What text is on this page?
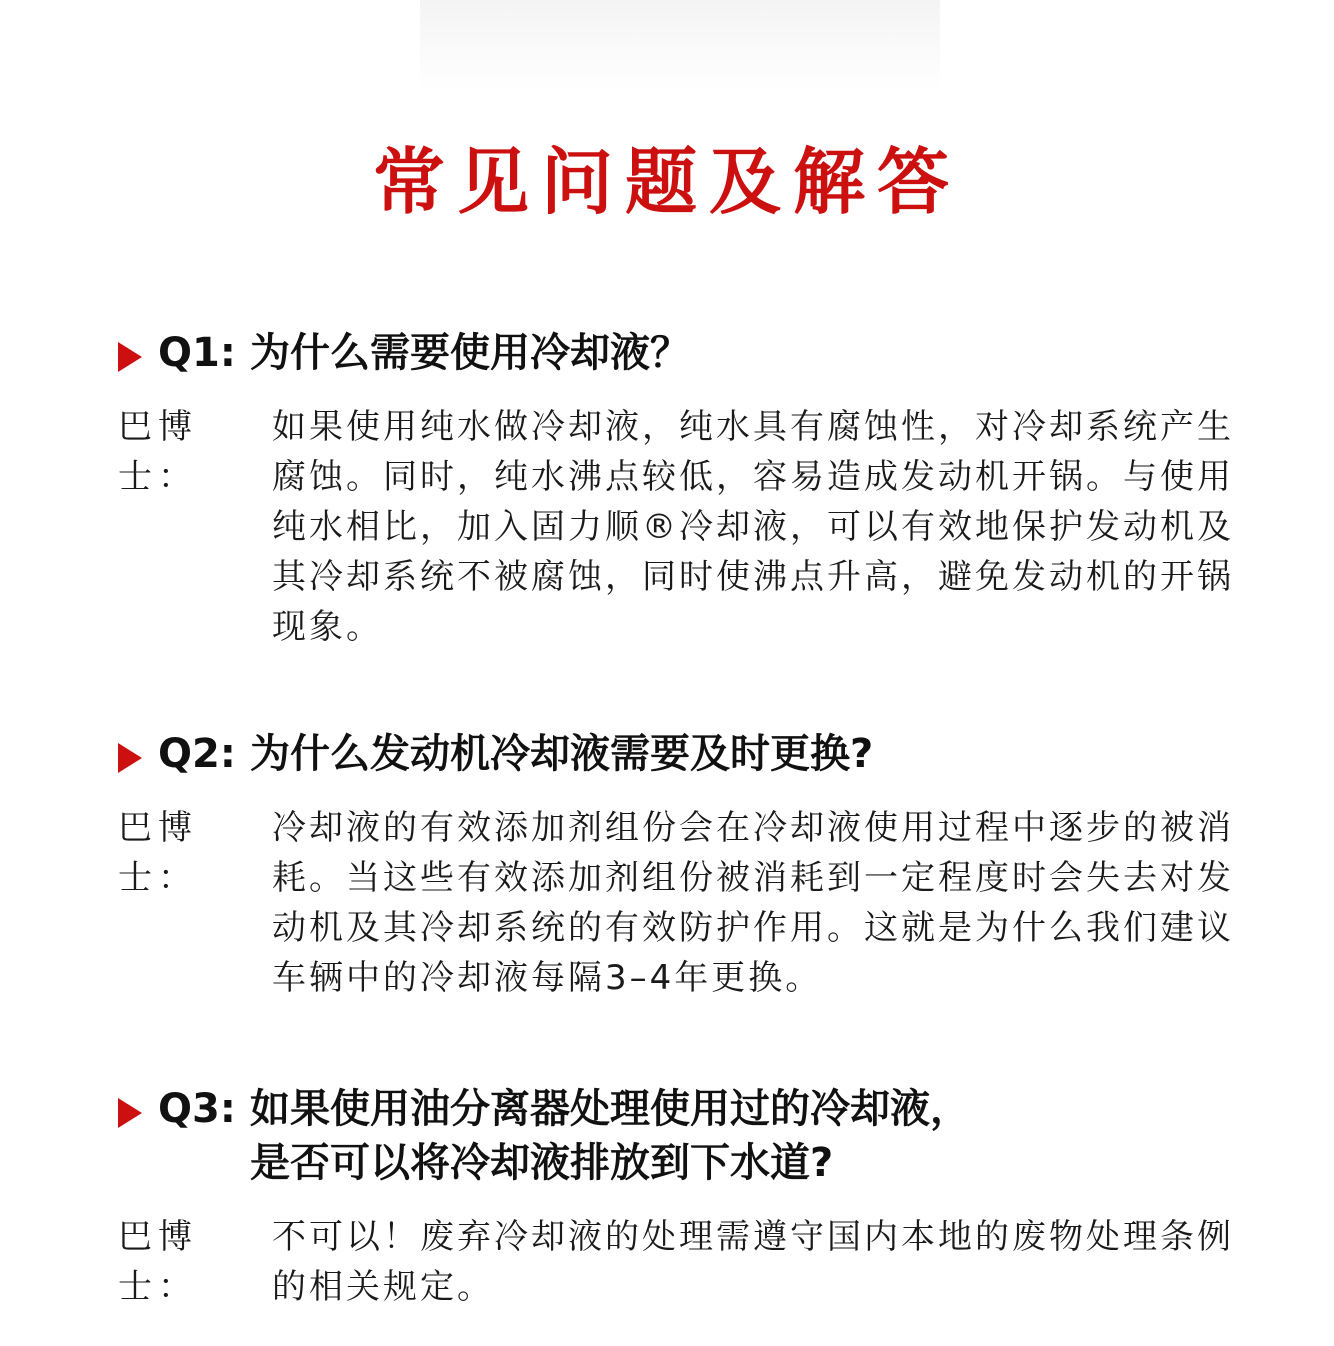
常见问题及解答
Q1: 为什么需要使用冷却液？
巴博士：
如果使用纯水做冷却液，纯水具有腐蚀性，对冷却系统产生腐蚀。同时，纯水沸点较低，容易造成发动机开锅。与使用纯水相比，加入固力顺®冷却液，可以有效地保护发动机及其冷却系统不被腐蚀，同时使沸点升高，避免发动机的开锅现象。
Q2: 为什么发动机冷却液需要及时更换?
巴博士：
冷却液的有效添加剂组份会在冷却液使用过程中逐步的被消耗。当这些有效添加剂组份被消耗到一定程度时会失去对发动机及其冷却系统的有效防护作用。这就是为什么我们建议车辆中的冷却液每隔3–4年更换。
Q3: 如果使用油分离器处理使用过的冷却液，
是否可以将冷却液排放到下水道?
巴博士：
不可以！废弃冷却液的处理需遵守国内本地的废物处理条例的相关规定。
